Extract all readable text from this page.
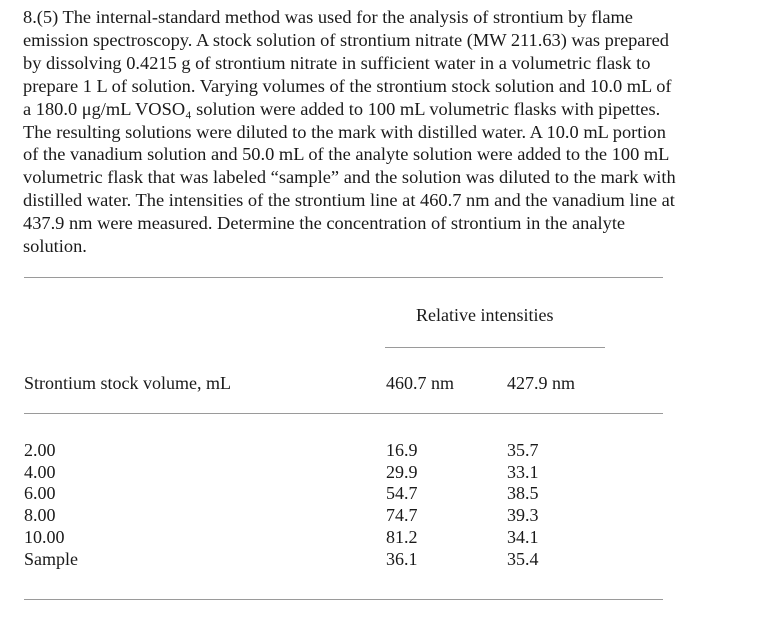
8.(5) The internal-standard method was used for the analysis of strontium by flame
emission spectroscopy. A stock solution of strontium nitrate (MW 211.63) was prepared
by dissolving 0.4215 g of strontium nitrate in sufficient water in a volumetric flask to
prepare 1 L of solution. Varying volumes of the strontium stock solution and 10.0 mL of
a 180.0 μg/mL VOSO₄ solution were added to 100 mL volumetric flasks with pipettes.
The resulting solutions were diluted to the mark with distilled water. A 10.0 mL portion
of the vanadium solution and 50.0 mL of the analyte solution were added to the 100 mL
volumetric flask that was labeled “sample” and the solution was diluted to the mark with
distilled water. The intensities of the strontium line at 460.7 nm and the vanadium line at
437.9 nm were measured. Determine the concentration of strontium in the analyte
solution.
Relative intensities
Strontium stock volume, mL	460.7 nm	427.9 nm
2.00
4.00
6.00
8.00
10.00
Sample
16.9
29.9
54.7
74.7
81.2
36.1
35.7
33.1
38.5
39.3
34.1
35.4
